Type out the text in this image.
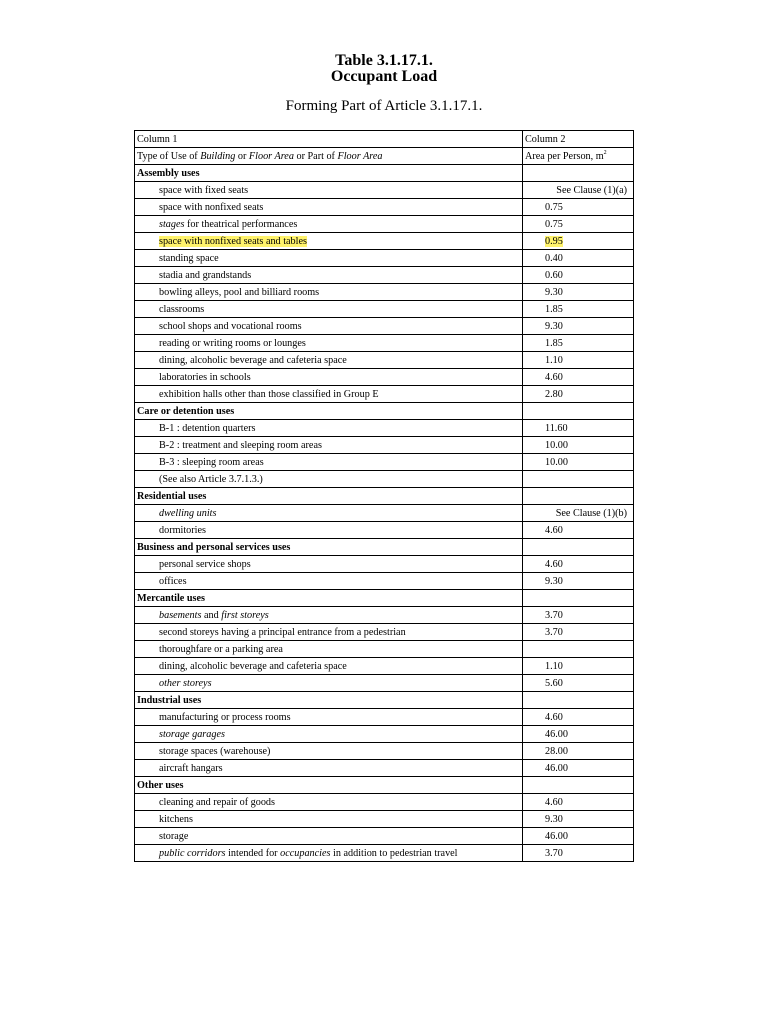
Table 3.1.17.1.
Occupant Load
Forming Part of Article 3.1.17.1.
Column 1	Column 2
Type of Use of Building or Floor Area or Part of Floor Area	Area per Person, $m^2$
Assembly uses	
space with fixed seats	See Clause (1)(a)
space with nonfixed seats	0.75
stages for theatrical performances	0.75
space with nonfixed seats and tables	0.95
standing space	0.40
stadia and grandstands	0.60
bowling alleys, pool and billiard rooms	9.30
classrooms	1.85
school shops and vocational rooms	9.30
reading or writing rooms or lounges	1.85
dining, alcoholic beverage and cafeteria space	1.10
laboratories in schools	4.60
exhibition halls other than those classified in Group E	2.80
Care or detention uses	
B-1 : detention quarters	11.60
B-2 : treatment and sleeping room areas	10.00
B-3 : sleeping room areas	10.00
(See also Article 3.7.1.3.)	
Residential uses	
dwelling units	See Clause (1)(b)
dormitories	4.60
Business and personal services uses	
personal service shops	4.60
offices	9.30
Mercantile uses	
basements and first storeys	3.70
second storeys having a principal entrance from a pedestrian	3.70
thoroughfare or a parking area	
dining, alcoholic beverage and cafeteria space	1.10
other storeys	5.60
Industrial uses	
manufacturing or process rooms	4.60
storage garages	46.00
storage spaces (warehouse)	28.00
aircraft hangars	46.00
Other uses	
cleaning and repair of goods	4.60
kitchens	9.30
storage	46.00
public corridors intended for occupancies in addition to pedestrian travel	3.70
